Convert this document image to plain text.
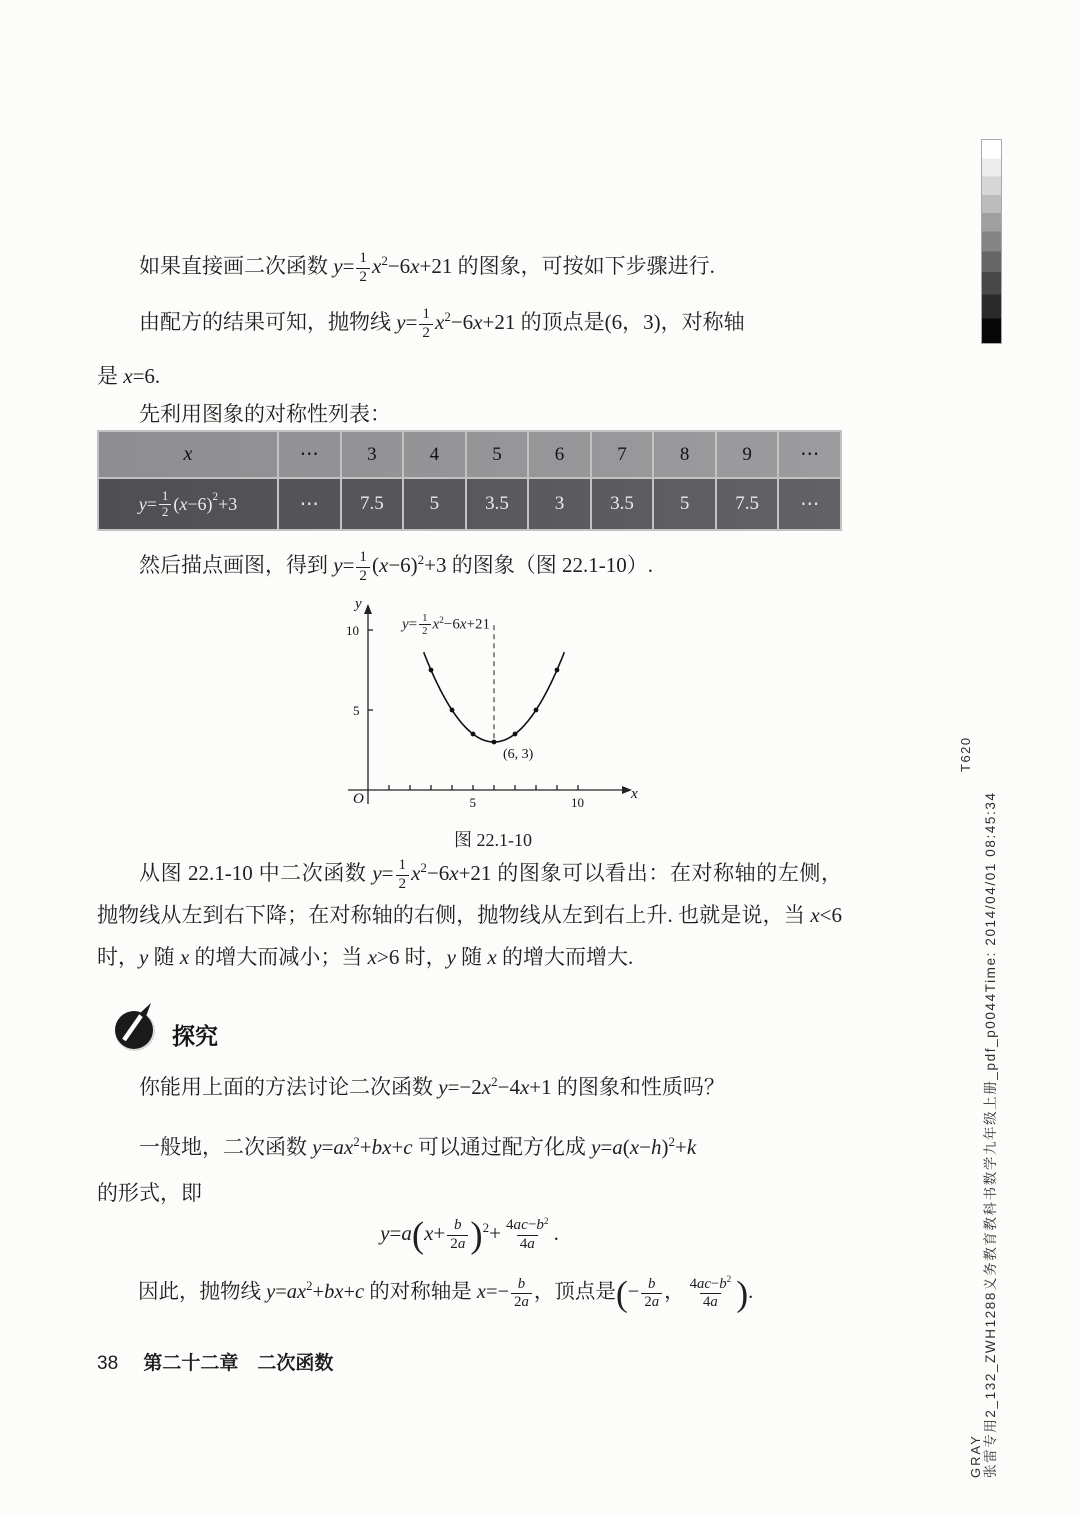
T620
GRAY 张雷专用2_132_ZWH1288义务教育教科书数学九年级上册_pdf_p0044Time: 2014/04/01 08:45:34

如果直接画二次函数 $y= \frac{1}{2} x^2-6x+21$ 的图象，可按如下步骤进行.

由配方的结果可知，抛物线 $y= \frac{1}{2} x^2-6x+21$ 的顶点是(6，3)，对称轴

是 x=6.

先利用图象的对称性列表：

x	⋯	3	4	5	6	7	8	9	⋯
$y = \frac{1}{2}$ ( x −6)$^2$ +3	⋯	7.5	5	3.5	3	3.5	5	7.5	⋯

然后描点画图，得到 $y= \frac{1}{2} (x-6)^2+3$ 的图象（图 22.1-10）.

5	10
5
10
O	x
y
(6, 3)
$y= \frac{1}{2} x^2-6x+21$
图 22.1-10

从图 22.1-10 中二次函数 $y= \frac{1}{2} x^2-6x+21$ 的图象可以看出：在对称轴的左侧，抛物线从左到右下降；在对称轴的右侧，抛物线从左到右上升. 也就是说，当 x<6 时，y 随 x 的增大而减小；当 x>6 时，y 随 x 的增大而增大.

探究

你能用上面的方法讨论二次函数 $y=-2x^2-4x+1$ 的图象和性质吗？

一般地，二次函数 $y=ax^2+bx+c$ 可以通过配方化成 $y=a(x-h)^2+k$

的形式，即

$y=a(x+ \frac{b}{2a} )^2+ \frac{4ac-b^2}{4a}$ .

因此，抛物线 $y=ax^2+bx+c$ 的对称轴是 $x=- \frac{b}{2a}$ ，顶点是(− $\frac{b}{2a}$ ， $\frac{4ac-b^2}{4a}$ ).

38 第二十二章　二次函数
